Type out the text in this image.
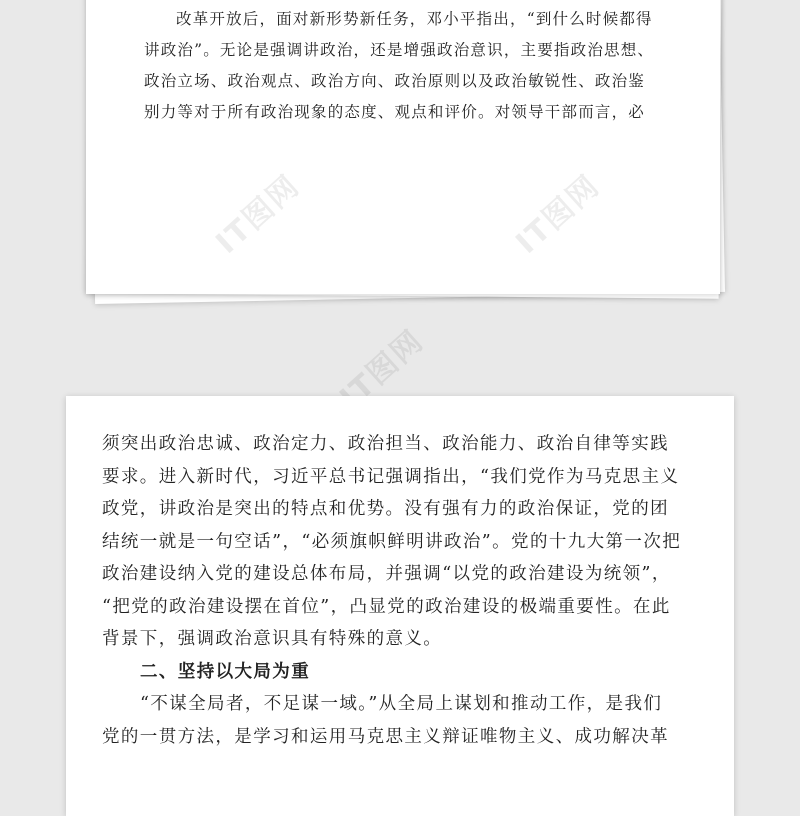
改革开放后，面对新形势新任务，邓小平指出，“到什么时候都得
讲政治”。无论是强调讲政治，还是增强政治意识，主要指政治思想、
政治立场、政治观点、政治方向、政治原则以及政治敏锐性、政治鉴
别力等对于所有政治现象的态度、观点和评价。对领导干部而言，必
IT图网	IT图网
IT图网
须突出政治忠诚、政治定力、政治担当、政治能力、政治自律等实践
要求。进入新时代，习近平总书记强调指出，“我们党作为马克思主义
政党，讲政治是突出的特点和优势。没有强有力的政治保证，党的团
结统一就是一句空话”，“必须旗帜鲜明讲政治”。党的十九大第一次把
政治建设纳入党的建设总体布局，并强调“以党的政治建设为统领”，
“把党的政治建设摆在首位”，凸显党的政治建设的极端重要性。在此
背景下，强调政治意识具有特殊的意义。
二、坚持以大局为重
“不谋全局者，不足谋一域。”从全局上谋划和推动工作，是我们
党的一贯方法，是学习和运用马克思主义辩证唯物主义、成功解决革
